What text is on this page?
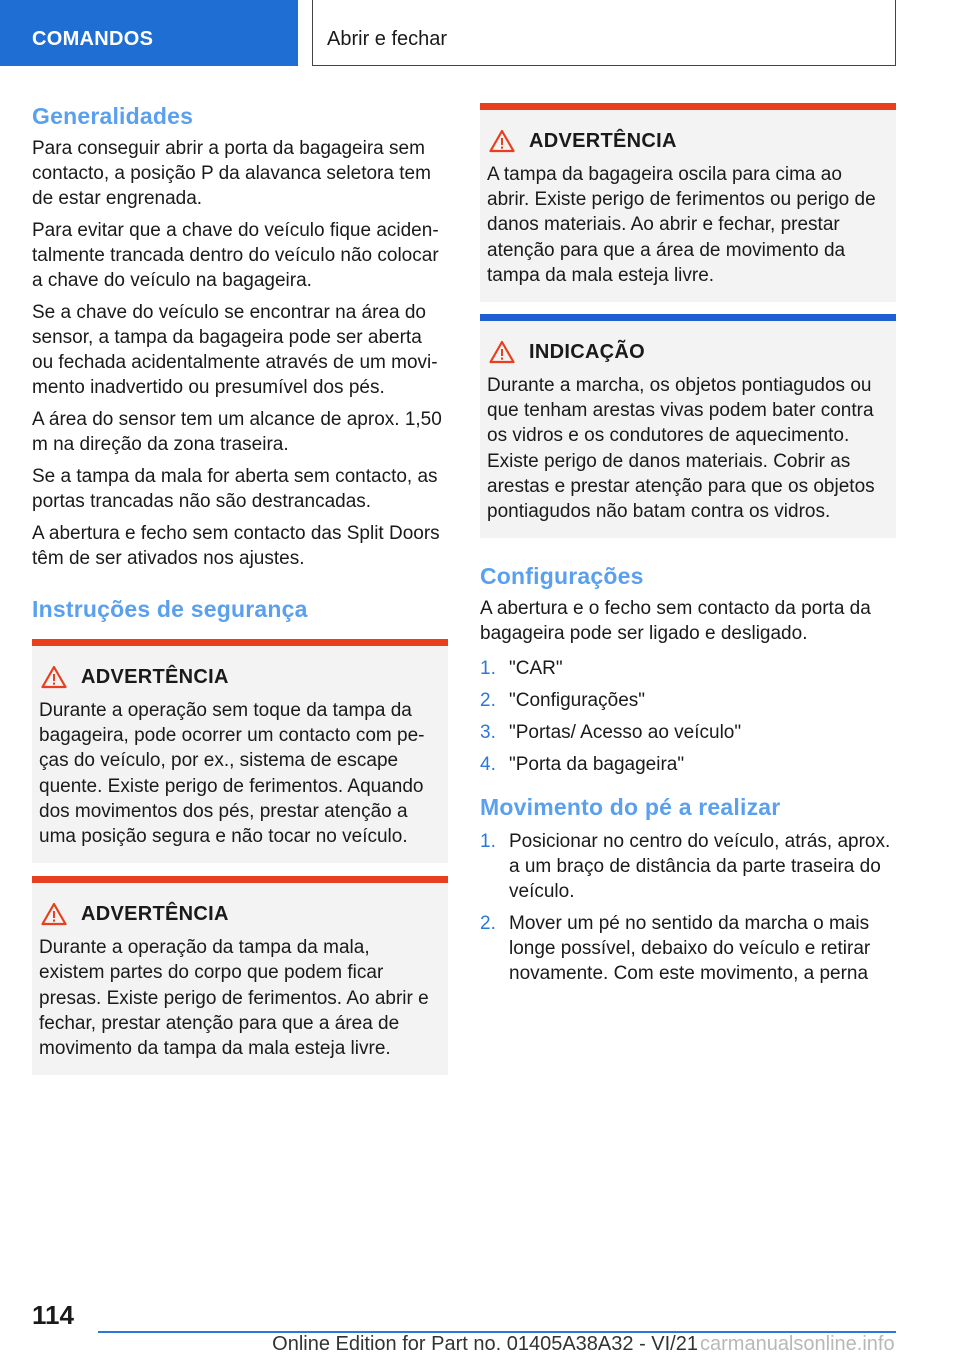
COMANDOS	Abrir e fechar
Generalidades

Para conseguir abrir a porta da bagageira sem contacto, a posição P da alavanca seletora tem de estar engrenada.

Para evitar que a chave do veículo fique aciden-talmente trancada dentro do veículo não colocar a chave do veículo na bagageira.

Se a chave do veículo se encontrar na área do sensor, a tampa da bagageira pode ser aberta ou fechada acidentalmente através de um movi-mento inadvertido ou presumível dos pés.

A área do sensor tem um alcance de aprox. 1,50 m na direção da zona traseira.

Se a tampa da mala for aberta sem contacto, as portas trancadas não são destrancadas.

A abertura e fecho sem contacto das Split Doors têm de ser ativados nos ajustes.

Instruções de segurança
ADVERTÊNCIA

Durante a operação sem toque da tampa da bagageira, pode ocorrer um contacto com pe-ças do veículo, por ex., sistema de escape quente. Existe perigo de ferimentos. Aquando dos movimentos dos pés, prestar atenção a uma posição segura e não tocar no veículo.

ADVERTÊNCIA

Durante a operação da tampa da mala, existem partes do corpo que podem ficar presas. Existe perigo de ferimentos. Ao abrir e fechar, prestar atenção para que a área de movimento da tampa da mala esteja livre.

ADVERTÊNCIA

A tampa da bagageira oscila para cima ao abrir. Existe perigo de ferimentos ou perigo de danos materiais. Ao abrir e fechar, prestar atenção para que a área de movimento da tampa da mala esteja livre.

INDICAÇÃO

Durante a marcha, os objetos pontiagudos ou que tenham arestas vivas podem bater contra os vidros e os condutores de aquecimento. Existe perigo de danos materiais. Cobrir as arestas e prestar atenção para que os objetos pontiagudos não batam contra os vidros.

Configurações

A abertura e o fecho sem contacto da porta da bagageira pode ser ligado e desligado.

1. "CAR"
2. "Configurações"
3. "Portas/ Acesso ao veículo"
4. "Porta da bagageira"
Movimento do pé a realizar
1. Posicionar no centro do veículo, atrás, aprox. a um braço de distância da parte traseira do veículo.
2. Mover um pé no sentido da marcha o mais longe possível, debaixo do veículo e retirar novamente. Com este movimento, a perna
114
Online Edition for Part no. 01405A38A32 - VI/21 carmanualsonline.info
